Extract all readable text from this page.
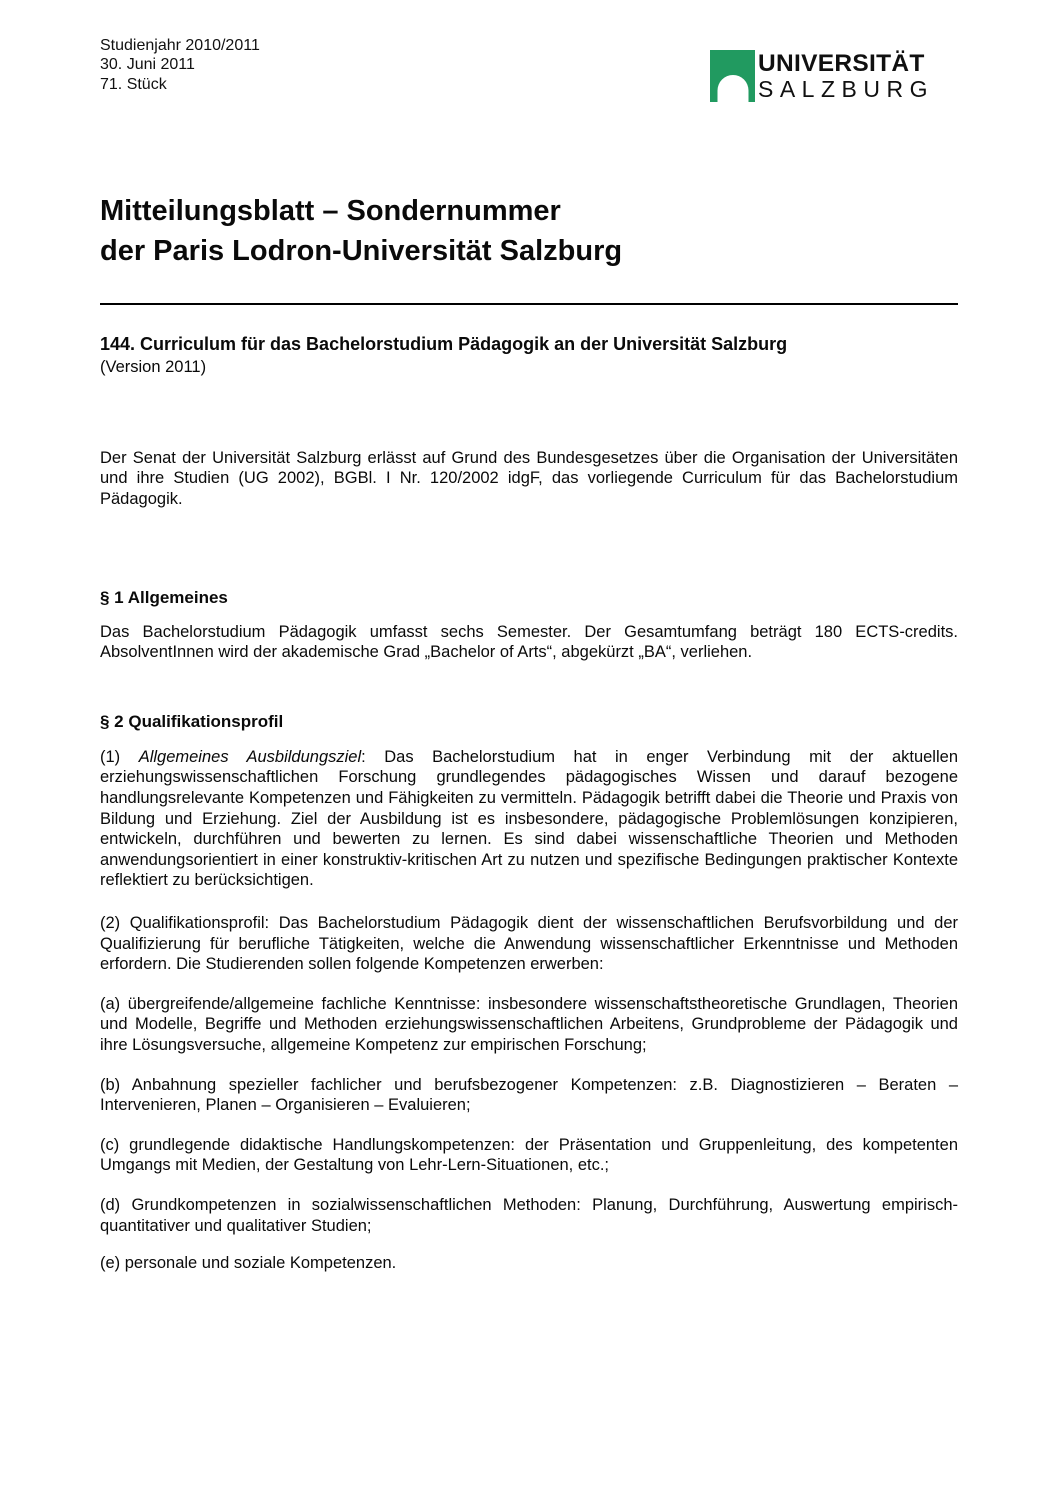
Studienjahr 2010/2011
30. Juni 2011
71. Stück
UNIVERSITÄT
SALZBURG
Mitteilungsblatt – Sondernummer
der Paris Lodron-Universität Salzburg
144. Curriculum für das Bachelorstudium Pädagogik an der Universität Salzburg
(Version 2011)

Der Senat der Universität Salzburg erlässt auf Grund des Bundesgesetzes über die Organisation der Universitäten und ihre Studien (UG 2002), BGBl. I Nr. 120/2002 idgF, das vorliegende Curriculum für das Bachelorstudium Pädagogik.

§ 1 Allgemeines

Das Bachelorstudium Pädagogik umfasst sechs Semester. Der Gesamtumfang beträgt 180 ECTS-credits. AbsolventInnen wird der akademische Grad „Bachelor of Arts“, abgekürzt „BA“, verliehen.

§ 2 Qualifikationsprofil

(1) Allgemeines Ausbildungsziel: Das Bachelorstudium hat in enger Verbindung mit der aktuellen erziehungswissenschaftlichen Forschung grundlegendes pädagogisches Wissen und darauf bezogene handlungsrelevante Kompetenzen und Fähigkeiten zu vermitteln. Pädagogik betrifft dabei die Theorie und Praxis von Bildung und Erziehung. Ziel der Ausbildung ist es insbesondere, pädagogische Problemlösungen konzipieren, entwickeln, durchführen und bewerten zu lernen. Es sind dabei wissenschaftliche Theorien und Methoden anwendungsorientiert in einer konstruktiv-kritischen Art zu nutzen und spezifische Bedingungen praktischer Kontexte reflektiert zu berücksichtigen.

(2) Qualifikationsprofil: Das Bachelorstudium Pädagogik dient der wissenschaftlichen Berufsvorbildung und der Qualifizierung für berufliche Tätigkeiten, welche die Anwendung wissenschaftlicher Erkenntnisse und Methoden erfordern. Die Studierenden sollen folgende Kompetenzen erwerben:

(a) übergreifende/allgemeine fachliche Kenntnisse: insbesondere wissenschaftstheoretische Grundlagen, Theorien und Modelle, Begriffe und Methoden erziehungswissenschaftlichen Arbeitens, Grundprobleme der Pädagogik und ihre Lösungsversuche, allgemeine Kompetenz zur empirischen Forschung;

(b) Anbahnung spezieller fachlicher und berufsbezogener Kompetenzen: z.B. Diagnostizieren – Beraten – Intervenieren, Planen – Organisieren – Evaluieren;

(c) grundlegende didaktische Handlungskompetenzen: der Präsentation und Gruppenleitung, des kompetenten Umgangs mit Medien, der Gestaltung von Lehr-Lern-Situationen, etc.;

(d) Grundkompetenzen in sozialwissenschaftlichen Methoden: Planung, Durchführung, Auswertung empirisch-quantitativer und qualitativer Studien;

(e) personale und soziale Kompetenzen.
